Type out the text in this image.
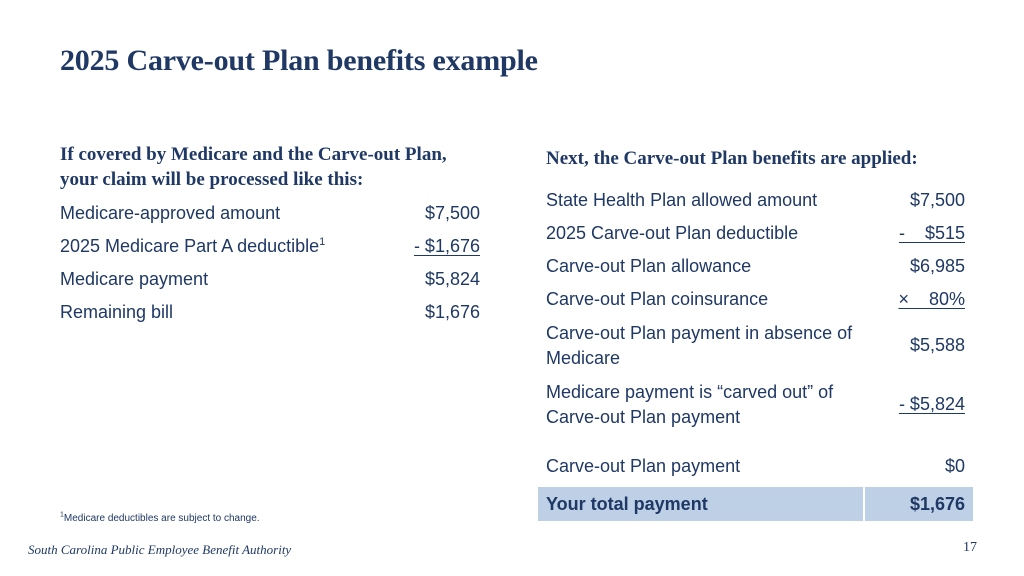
2025 Carve-out Plan benefits example
If covered by Medicare and the Carve-out Plan, your claim will be processed like this:
Medicare-approved amount	$7,500
2025 Medicare Part A deductible$^1$	- $1,676
Medicare payment	$5,824
Remaining bill	$1,676
Next, the Carve-out Plan benefits are applied:
State Health Plan allowed amount	$7,500
2025 Carve-out Plan deductible	-    $515
Carve-out Plan allowance	$6,985
Carve-out Plan coinsurance	×    80%
Carve-out Plan payment in absence of Medicare	$5,588
Medicare payment is “carved out” of Carve-out Plan payment	- $5,824
Carve-out Plan payment	$0
Your total payment	$1,676
$^1$Medicare deductibles are subject to change.
South Carolina Public Employee Benefit Authority	17
